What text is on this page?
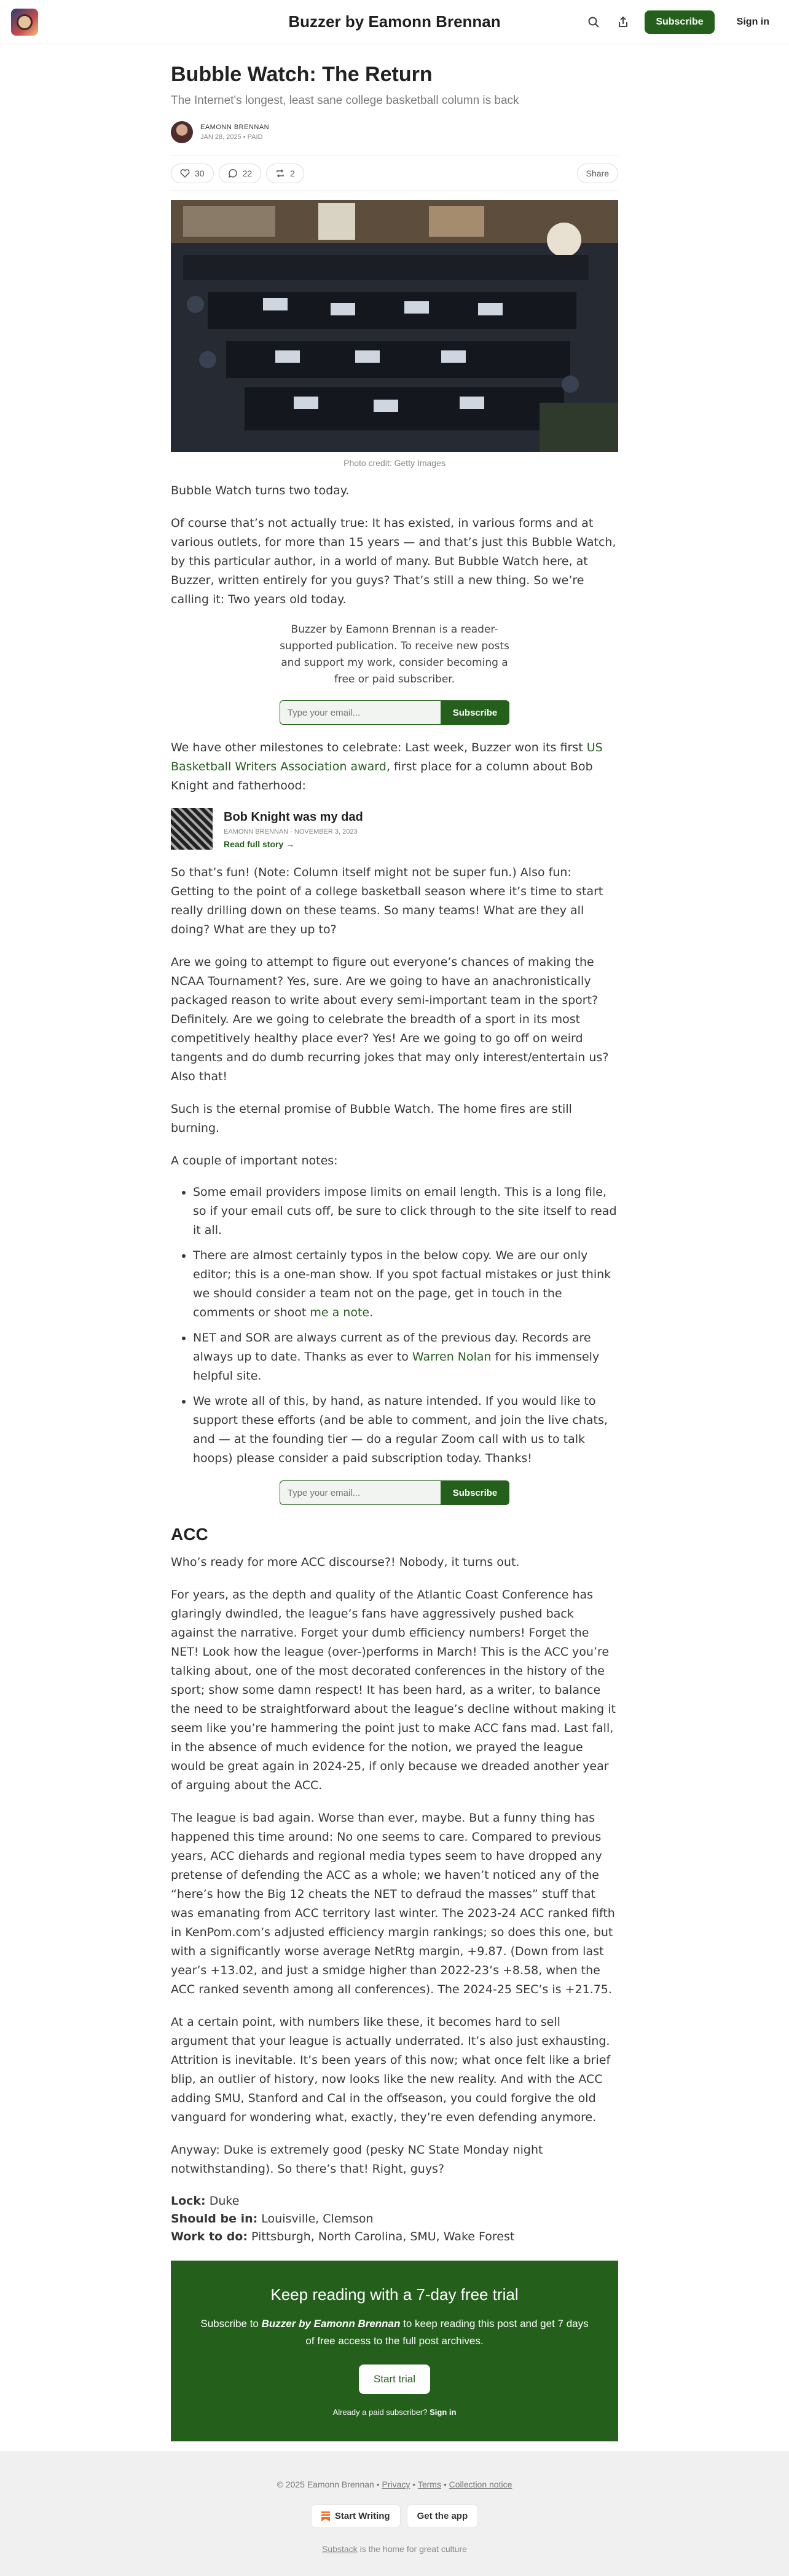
Buzzer by Eamonn Brennan	Subscribe	Sign in
Bubble Watch: The Return
The Internet's longest, least sane college basketball column is back
EAMONN BRENNAN
JAN 28, 2025 • PAID
30	22	2	Share
Photo credit: Getty Images

Bubble Watch turns two today.

Of course that’s not actually true: It has existed, in various forms and at various outlets, for more than 15 years — and that’s just this Bubble Watch, by this particular author, in a world of many. But Bubble Watch here, at Buzzer, written entirely for you guys? That’s still a new thing. So we’re calling it: Two years old today.

Buzzer by Eamonn Brennan is a reader-supported publication. To receive new posts and support my work, consider becoming a free or paid subscriber.

Type your email...
Subscribe

We have other milestones to celebrate: Last week, Buzzer won its first US Basketball Writers Association award, first place for a column about Bob Knight and fatherhood:

Bob Knight was my dad
EAMONN BRENNAN · NOVEMBER 3, 2023
Read full story →

So that’s fun! (Note: Column itself might not be super fun.) Also fun: Getting to the point of a college basketball season where it’s time to start really drilling down on these teams. So many teams! What are they all doing? What are they up to?

Are we going to attempt to figure out everyone’s chances of making the NCAA Tournament? Yes, sure. Are we going to have an anachronistically packaged reason to write about every semi-important team in the sport? Definitely. Are we going to celebrate the breadth of a sport in its most competitively healthy place ever? Yes! Are we going to go off on weird tangents and do dumb recurring jokes that may only interest/entertain us? Also that!

Such is the eternal promise of Bubble Watch. The home fires are still burning.

A couple of important notes:

• Some email providers impose limits on email length. This is a long file, so if your email cuts off, be sure to click through to the site itself to read it all.
• There are almost certainly typos in the below copy. We are our only editor; this is a one-man show. If you spot factual mistakes or just think we should consider a team not on the page, get in touch in the comments or shoot me a note.
• NET and SOR are always current as of the previous day. Records are always up to date. Thanks as ever to Warren Nolan for his immensely helpful site.
• We wrote all of this, by hand, as nature intended. If you would like to support these efforts (and be able to comment, and join the live chats, and — at the founding tier — do a regular Zoom call with us to talk hoops) please consider a paid subscription today. Thanks!
Type your email...
Subscribe
ACC

Who’s ready for more ACC discourse?! Nobody, it turns out.

For years, as the depth and quality of the Atlantic Coast Conference has glaringly dwindled, the league’s fans have aggressively pushed back against the narrative. Forget your dumb efficiency numbers! Forget the NET! Look how the league (over-)performs in March! This is the ACC you’re talking about, one of the most decorated conferences in the history of the sport; show some damn respect! It has been hard, as a writer, to balance the need to be straightforward about the league’s decline without making it seem like you’re hammering the point just to make ACC fans mad. Last fall, in the absence of much evidence for the notion, we prayed the league would be great again in 2024-25, if only because we dreaded another year of arguing about the ACC.

The league is bad again. Worse than ever, maybe. But a funny thing has happened this time around: No one seems to care. Compared to previous years, ACC diehards and regional media types seem to have dropped any pretense of defending the ACC as a whole; we haven’t noticed any of the “here’s how the Big 12 cheats the NET to defraud the masses” stuff that was emanating from ACC territory last winter. The 2023-24 ACC ranked fifth in KenPom.com’s adjusted efficiency margin rankings; so does this one, but with a significantly worse average NetRtg margin, +9.87. (Down from last year’s +13.02, and just a smidge higher than 2022-23’s +8.58, when the ACC ranked seventh among all conferences). The 2024-25 SEC’s is +21.75.

At a certain point, with numbers like these, it becomes hard to sell argument that your league is actually underrated. It’s also just exhausting. Attrition is inevitable. It’s been years of this now; what once felt like a brief blip, an outlier of history, now looks like the new reality. And with the ACC adding SMU, Stanford and Cal in the offseason, you could forgive the old vanguard for wondering what, exactly, they’re even defending anymore.

Anyway: Duke is extremely good (pesky NC State Monday night notwithstanding). So there’s that! Right, guys?

Lock: Duke

Should be in: Louisville, Clemson

Work to do: Pittsburgh, North Carolina, SMU, Wake Forest

Keep reading with a 7-day free trial

Subscribe to Buzzer by Eamonn Brennan to keep reading this post and get 7 days of free access to the full post archives.

Start trial
Already a paid subscriber? Sign in
© 2025 Eamonn Brennan • Privacy • Terms • Collection notice
Start Writing	Get the app
Substack is the home for great culture
